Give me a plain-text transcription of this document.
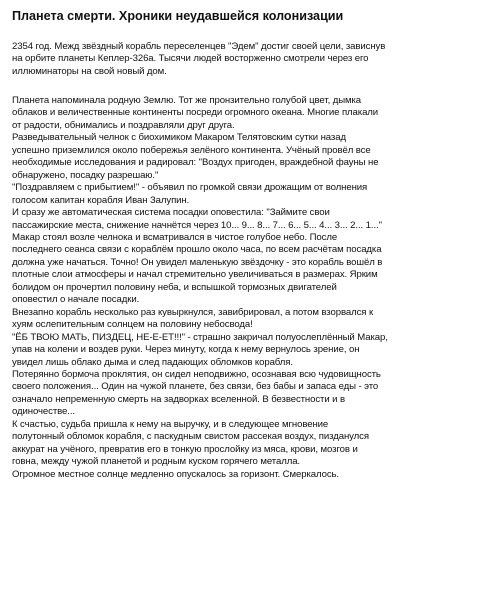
Планета смерти. Хроники неудавшейся колонизации
2354 год. Межд звёздный корабль переселенцев "Эдем" достиг своей цели, зависнув
на орбите планеты Кеплер-326а. Тысячи людей восторженно смотрели через его
иллюминаторы на свой новый дом.
Планета напоминала родную Землю. Тот же пронзительно голубой цвет, дымка
облаков и величественные континенты посреди огромного океана. Многие плакали
от радости, обнимались и поздравляли друг друга.
Разведывательный челнок с биохимиком Макаром Телятовским сутки назад
успешно приземлился около побережья зелёного континента. Учёный провёл все
необходимые исследования и радировал: "Воздух пригоден, враждебной фауны не
обнаружено, посадку разрешаю."
"Поздравляем с прибытием!" - объявил по громкой связи дрожащим от волнения
голосом капитан корабля Иван Залупин.
И сразу же автоматическая система посадки оповестила: "Займите свои
пассажирские места, снижение начнётся через 10... 9... 8... 7... 6... 5... 4... 3... 2... 1..."
Макар стоял возле челнока и всматривался в чистое голубое небо. После
последнего сеанса связи с кораблём прошло около часа, по всем расчётам посадка
должна уже начаться. Точно! Он увидел маленькую звёздочку - это корабль вошёл в
плотные слои атмосферы и начал стремительно увеличиваться в размерах. Ярким
болидом он прочертил половину неба, и вспышкой тормозных двигателей
оповестил о начале посадки.
Внезапно корабль несколько раз кувыркнулся, завибрировал, а потом взорвался к
хуям ослепительным солнцем на половину небосвода!
"ЁБ ТВОЮ МАТЬ, ПИЗДЕЦ, НЕ-Е-ЕТ!!!" - страшно закричал полуослеплённый Макар,
упав на колени и воздев руки. Через минуту, когда к нему вернулось зрение, он
увидел лишь облако дыма и след падающих обломков корабля.
Потерянно бормоча проклятия, он сидел неподвижно, осознавая всю чудовищность
своего положения... Один на чужой планете, без связи, без бабы и запаса еды - это
означало непременную смерть на задворках вселенной. В безвестности и в
одиночестве...
К счастью, судьба пришла к нему на выручку, и в следующее мгновение
полутонный обломок корабля, с паскудным свистом рассекая воздух, пизданулся
аккурат на учёного, превратив его в тонкую прослойку из мяса, крови, мозгов и
говна, между чужой планетой и родным куском горячего металла.
Огромное местное солнце медленно опускалось за горизонт. Смеркалось.
